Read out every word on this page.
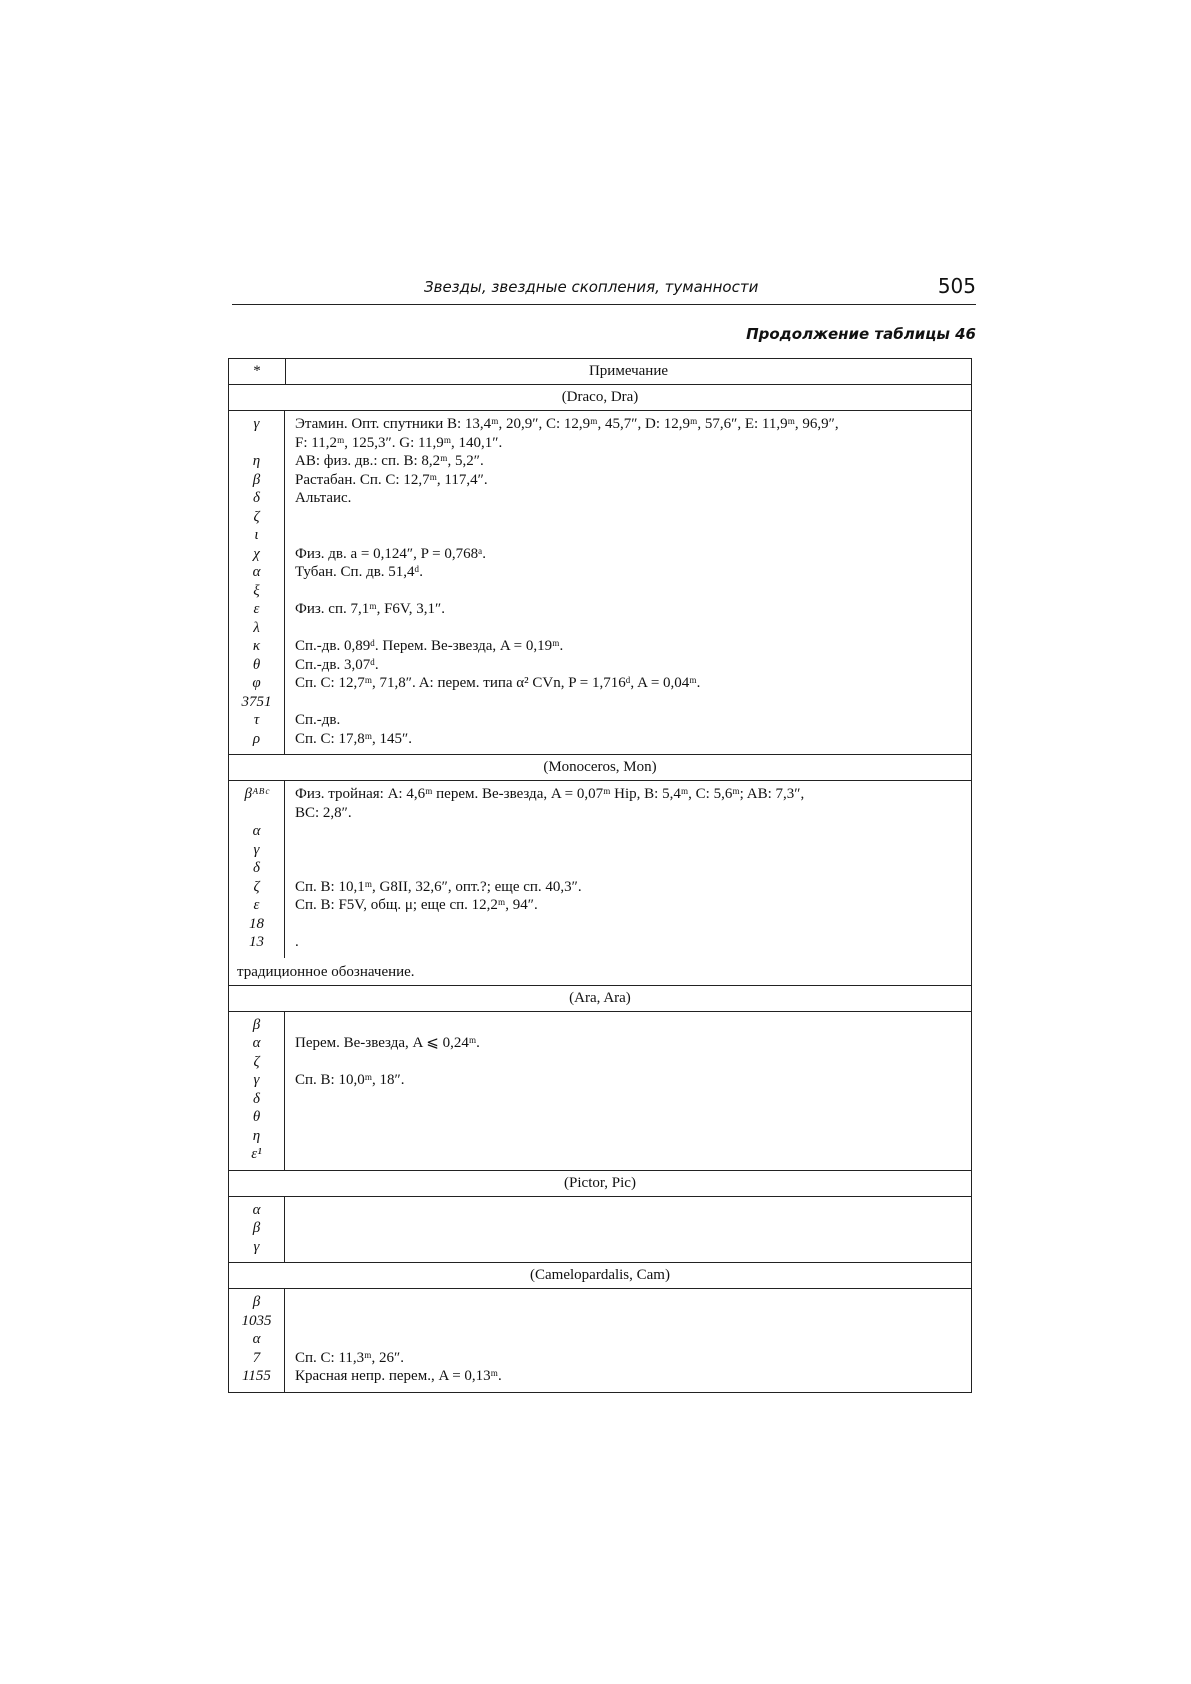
Звезды, звездные скопления, туманности	505
Продолжение таблицы 46
*	Примечание
(Draco, Dra)
γ
η
β
δ
ζ
ι
χ
α
ξ
ε
λ
κ
θ
φ
3751
τ
ρ
Этамин. Опт. спутники B: 13,4ᵐ, 20,9″, C: 12,9ᵐ, 45,7″, D: 12,9ᵐ, 57,6″, E: 11,9ᵐ, 96,9″,
F: 11,2ᵐ, 125,3″. G: 11,9ᵐ, 140,1″.
AB: физ. дв.: сп. B: 8,2ᵐ, 5,2″.
Растабан. Сп. C: 12,7ᵐ, 117,4″.
Альтаис.
Физ. дв. a = 0,124″, P = 0,768ᵃ.
Тубан. Сп. дв. 51,4ᵈ.
Физ. сп. 7,1ᵐ, F6V, 3,1″.
Сп.-дв. 0,89ᵈ. Перем. Be-звезда, A = 0,19ᵐ.
Сп.-дв. 3,07ᵈ.
Сп. C: 12,7ᵐ, 71,8″. A: перем. типа α² CVn, P = 1,716ᵈ, A = 0,04ᵐ.
Сп.-дв.
Сп. C: 17,8ᵐ, 145″.
(Monoceros, Mon)
βᴬᴮᶜ
α
γ
δ
ζ
ε
18
13
Физ. тройная: A: 4,6ᵐ перем. Be-звезда, A = 0,07ᵐ Hip, B: 5,4ᵐ, C: 5,6ᵐ; AB: 7,3″,
BC: 2,8″.
Сп. B: 10,1ᵐ, G8II, 32,6″, опт.?; еще сп. 40,3″.
Сп. B: F5V, общ. μ; еще сп. 12,2ᵐ, 94″.
.
традиционное обозначение.
(Ara, Ara)
β
α
ζ
γ
δ
θ
η
ε¹
Перем. Be-звезда, A ⩽ 0,24ᵐ.
Сп. B: 10,0ᵐ, 18″.
(Pictor, Pic)
α
β
γ
(Camelopardalis, Cam)
β
1035
α
7
1155
Сп. C: 11,3ᵐ, 26″.
Красная непр. перем., A = 0,13ᵐ.
